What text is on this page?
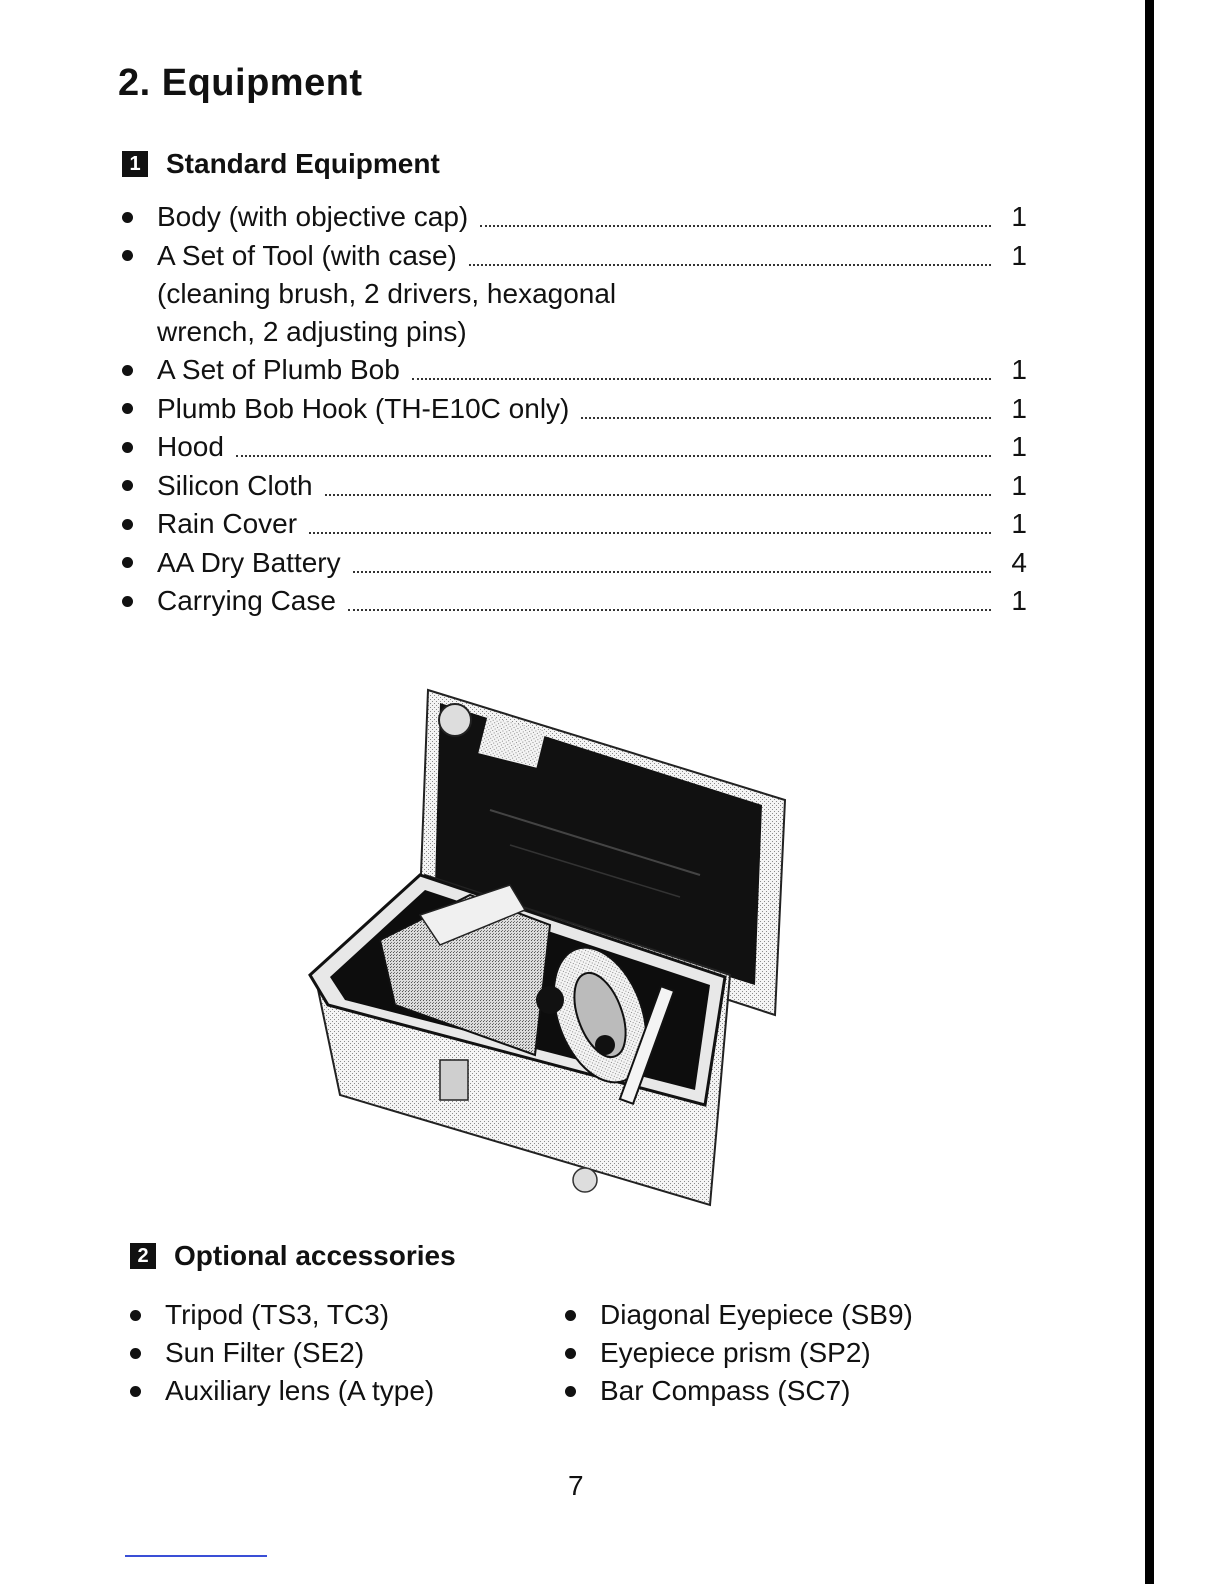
2. Equipment
1 Standard Equipment
Body (with objective cap)	1
A Set of Tool (with case)	1
(cleaning brush, 2 drivers, hexagonal
wrench, 2 adjusting pins)
A Set of Plumb Bob	1
Plumb Bob Hook (TH-E10C only)	1
Hood	1
Silicon Cloth	1
Rain Cover	1
AA Dry Battery	4
Carrying Case	1
2 Optional accessories
Tripod (TS3, TC3)
Sun Filter (SE2)
Auxiliary lens (A type)
Diagonal Eyepiece (SB9)
Eyepiece prism (SP2)
Bar Compass (SC7)
7
